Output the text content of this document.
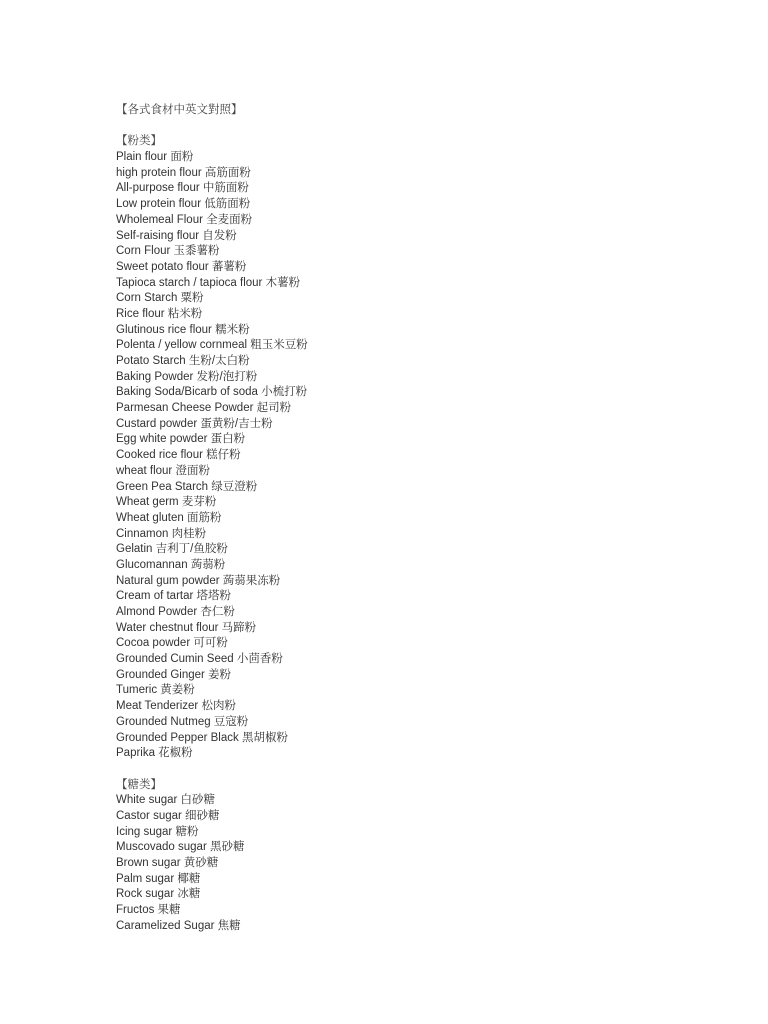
【各式食材中英文對照】
【粉类】
Plain flour 面粉
high protein flour 高筋面粉
All-purpose flour 中筋面粉
Low protein flour 低筋面粉
Wholemeal Flour 全麦面粉
Self-raising flour 自发粉
Corn Flour 玉黍薯粉
Sweet potato flour 蕃薯粉
Tapioca starch / tapioca flour 木薯粉
Corn Starch 粟粉
Rice flour 粘米粉
Glutinous rice flour 糯米粉
Polenta / yellow cornmeal 粗玉米豆粉
Potato Starch 生粉/太白粉
Baking Powder 发粉/泡打粉
Baking Soda/Bicarb of soda 小梳打粉
Parmesan Cheese Powder 起司粉
Custard powder 蛋黄粉/吉士粉
Egg white powder 蛋白粉
Cooked rice flour 糕仔粉
wheat flour 澄面粉
Green Pea Starch 绿豆澄粉
Wheat germ 麦芽粉
Wheat gluten 面筋粉
Cinnamon 肉桂粉
Gelatin 吉利丁/鱼胶粉
Glucomannan 蒟蒻粉
Natural gum powder 蒟蒻果冻粉
Cream of tartar 塔塔粉
Almond Powder 杏仁粉
Water chestnut flour 马蹄粉
Cocoa powder 可可粉
Grounded Cumin Seed 小茴香粉
Grounded Ginger 姜粉
Tumeric 黄姜粉
Meat Tenderizer 松肉粉
Grounded Nutmeg 豆寇粉
Grounded Pepper Black 黑胡椒粉
Paprika 花椒粉
【糖类】
White sugar 白砂糖
Castor sugar 细砂糖
Icing sugar 糖粉
Muscovado sugar 黑砂糖
Brown sugar 黄砂糖
Palm sugar 椰糖
Rock sugar 冰糖
Fructos 果糖
Caramelized Sugar 焦糖
